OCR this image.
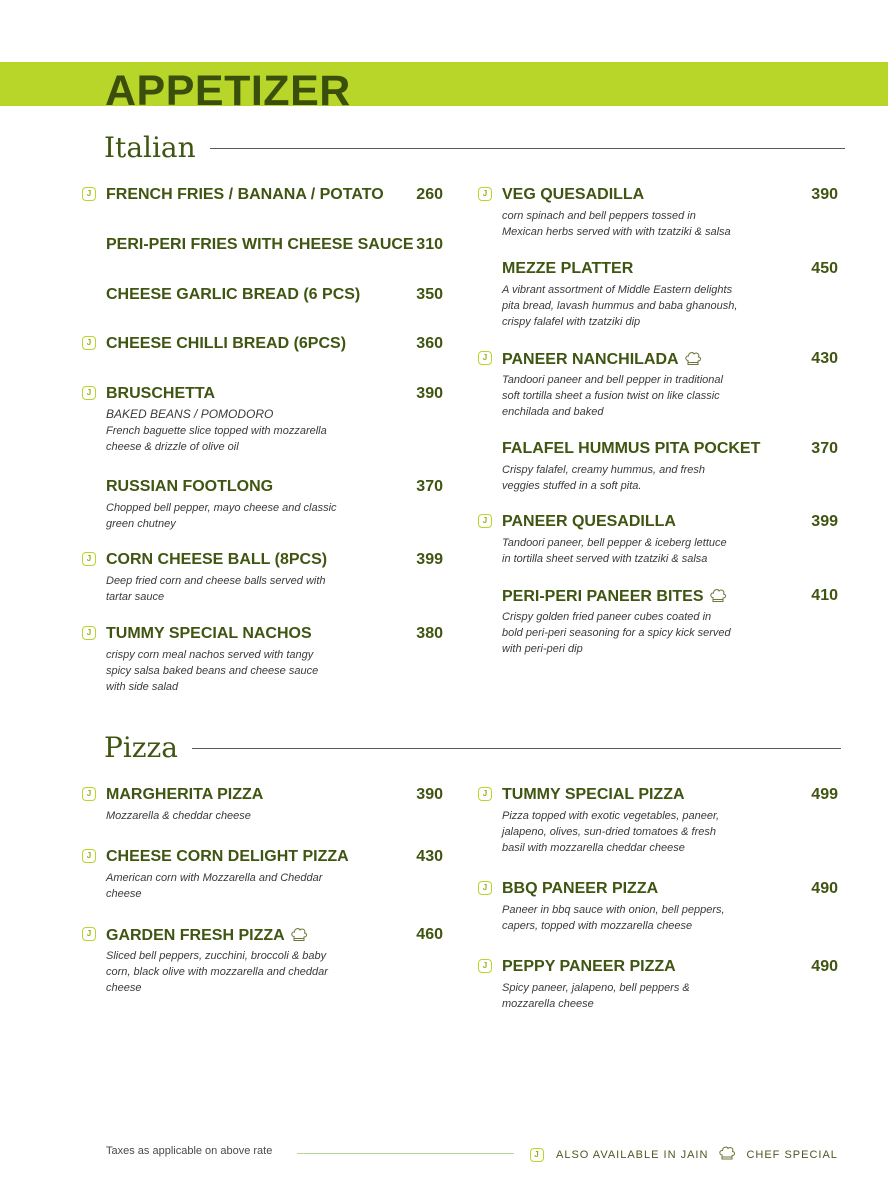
APPETIZER
Italian
J FRENCH FRIES / BANANA / POTATO 260
PERI-PERI FRIES WITH CHEESE SAUCE 310
CHEESE GARLIC BREAD (6 PCS)	350
J CHEESE CHILLI BREAD (6PCS)	360
J BRUSCHETTA	390
BAKED BEANS / POMODORO
French baguette slice topped with mozzarella
cheese & drizzle of olive oil
RUSSIAN FOOTLONG	370
Chopped bell pepper, mayo cheese and classic
green chutney
J CORN CHEESE BALL (8PCS)	399
Deep fried corn and cheese balls served with
tartar sauce
J TUMMY SPECIAL NACHOS	380
crispy corn meal nachos served with tangy
spicy salsa baked beans and cheese sauce
with side salad
J VEG QUESADILLA	390
corn spinach and bell peppers tossed in
Mexican herbs served with with tzatziki & salsa
MEZZE PLATTER	450
A vibrant assortment of Middle Eastern delights
pita bread, lavash hummus and baba ghanoush,
crispy falafel with tzatziki dip
J PANEER NANCHILADA	430
Tandoori paneer and bell pepper in traditional
soft tortilla sheet a fusion twist on like classic
enchilada and baked
FALAFEL HUMMUS PITA POCKET	370
Crispy falafel, creamy hummus, and fresh
veggies stuffed in a soft pita.
J PANEER QUESADILLA	399
Tandoori paneer, bell pepper & iceberg lettuce
in tortilla sheet served with tzatziki & salsa
PERI-PERI PANEER BITES	410
Crispy golden fried paneer cubes coated in
bold peri-peri seasoning for a spicy kick served
with peri-peri dip
Pizza
J MARGHERITA PIZZA	390
Mozzarella & cheddar cheese
J CHEESE CORN DELIGHT PIZZA	430
American corn with Mozzarella and Cheddar
cheese
J GARDEN FRESH PIZZA	460
Sliced bell peppers, zucchini, broccoli & baby
corn, black olive with mozzarella and cheddar
cheese
J TUMMY SPECIAL PIZZA	499
Pizza topped with exotic vegetables, paneer,
jalapeno, olives, sun-dried tomatoes & fresh
basil with mozzarella cheddar cheese
J BBQ PANEER PIZZA	490
Paneer in bbq sauce with onion, bell peppers,
capers, topped with mozzarella cheese
J PEPPY PANEER PIZZA	490
Spicy paneer, jalapeno, bell peppers &
mozzarella cheese
Taxes as applicable on above rate	J	ALSO AVAILABLE IN JAIN	CHEF SPECIAL
